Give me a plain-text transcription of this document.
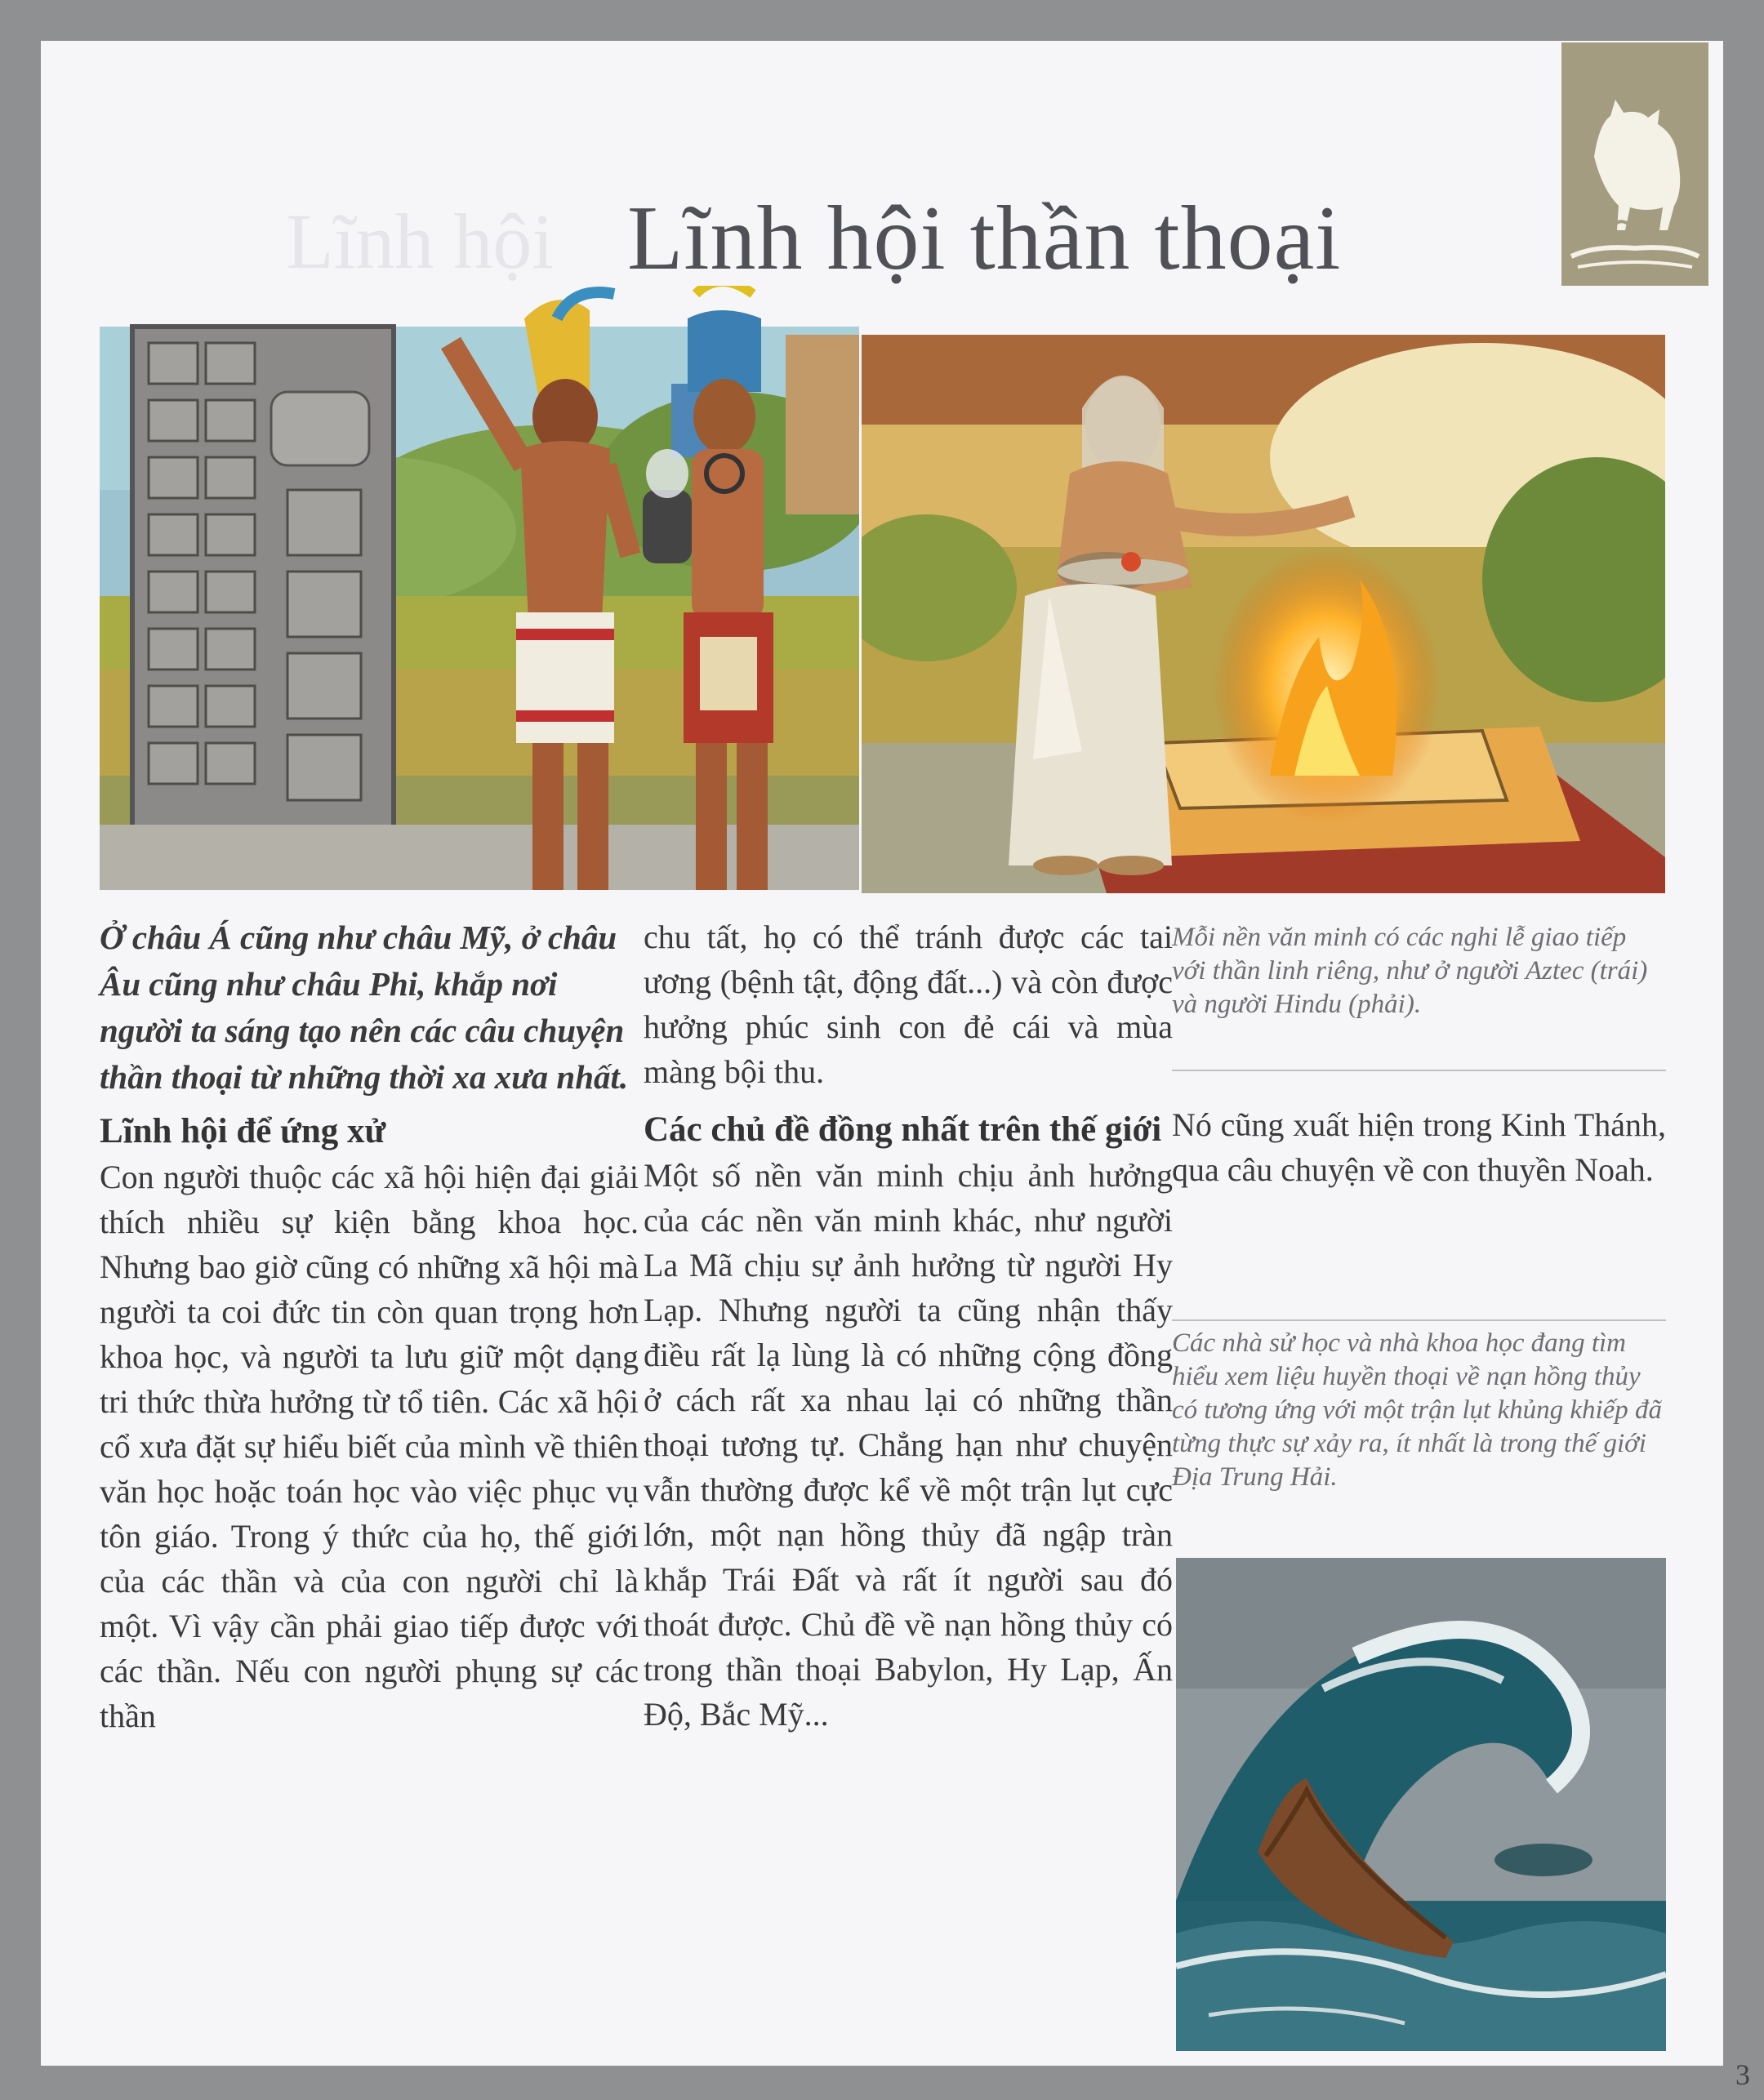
Lĩnh hội Lĩnh hội thần thoại
Ở châu Á cũng như châu Mỹ, ở châu Âu cũng như châu Phi, khắp nơi người ta sáng tạo nên các câu chuyện thần thoại từ những thời xa xưa nhất.
Lĩnh hội để ứng xử
Con người thuộc các xã hội hiện đại giải thích nhiều sự kiện bằng khoa học. Nhưng bao giờ cũng có những xã hội mà người ta coi đức tin còn quan trọng hơn khoa học, và người ta lưu giữ một dạng tri thức thừa hưởng từ tổ tiên. Các xã hội cổ xưa đặt sự hiểu biết của mình về thiên văn học hoặc toán học vào việc phục vụ tôn giáo. Trong ý thức của họ, thế giới của các thần và của con người chỉ là một. Vì vậy cần phải giao tiếp được với các thần. Nếu con người phụng sự các thần
chu tất, họ có thể tránh được các tai ương (bệnh tật, động đất...) và còn được hưởng phúc sinh con đẻ cái và mùa màng bội thu.
Các chủ đề đồng nhất trên thế giới
Một số nền văn minh chịu ảnh hưởng của các nền văn minh khác, như người La Mã chịu sự ảnh hưởng từ người Hy Lạp. Nhưng người ta cũng nhận thấy điều rất lạ lùng là có những cộng đồng ở cách rất xa nhau lại có những thần thoại tương tự. Chẳng hạn như chuyện vẫn thường được kể về một trận lụt cực lớn, một nạn hồng thủy đã ngập tràn khắp Trái Đất và rất ít người sau đó thoát được. Chủ đề về nạn hồng thủy có trong thần thoại Babylon, Hy Lạp, Ấn Độ, Bắc Mỹ...
Mỗi nền văn minh có các nghi lễ giao tiếp với thần linh riêng, như ở người Aztec (trái) và người Hindu (phải).
Nó cũng xuất hiện trong Kinh Thánh, qua câu chuyện về con thuyền Noah.
Các nhà sử học và nhà khoa học đang tìm hiểu xem liệu huyền thoại về nạn hồng thủy có tương ứng với một trận lụt khủng khiếp đã từng thực sự xảy ra, ít nhất là trong thế giới Địa Trung Hải.
3
